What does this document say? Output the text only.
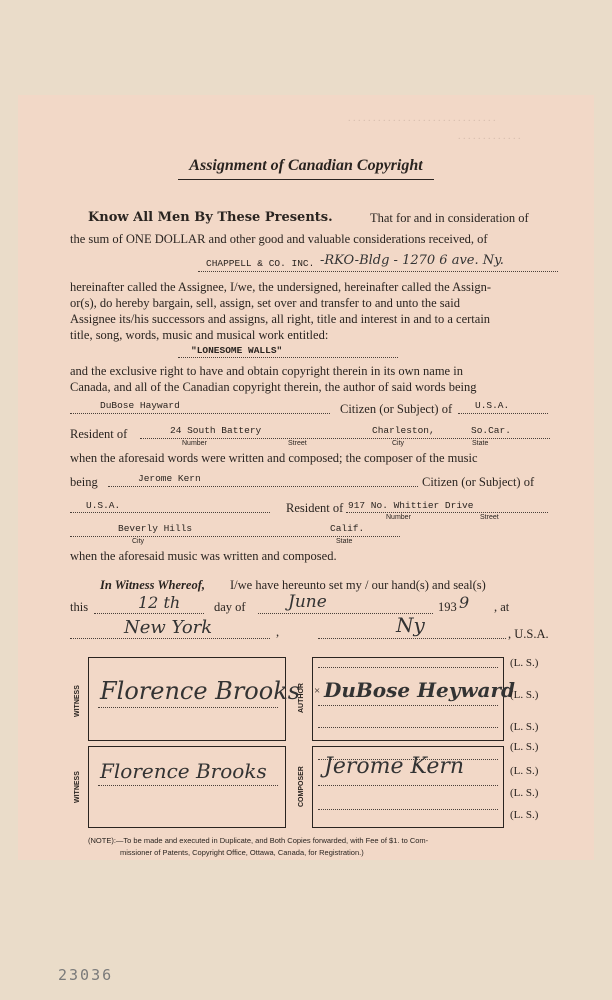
. . . . . . . . . . . . . . . . . . . . . . . . . . . . . .
. . . . . . . . . . . . .
Assignment of Canadian Copyright
Know All Men By These Presents.	That for and in consideration of
the sum of ONE DOLLAR and other good and valuable considerations received, of
CHAPPELL & CO. INC. -RKO-Bldg - 1270 6 ave. Ny.
hereinafter called the Assignee, I/we, the undersigned, hereinafter called the Assign-
or(s), do hereby bargain, sell, assign, set over and transfer to and unto the said
Assignee its/his successors and assigns, all right, title and interest in and to a certain
title, song, words, music and musical work entitled:
"LONESOME WALLS"
and the exclusive right to have and obtain copyright therein in its own name in
Canada, and all of the Canadian copyright therein, the author of said words being
DuBose Hayward	Citizen (or Subject) of U.S.A.
Resident of	24 South Battery	Charleston,	So.Car.
Number	Street	City	State
when the aforesaid words were written and composed; the composer of the music
being	Jerome Kern	Citizen (or Subject) of
U.S.A.	Resident of 917 No. Whittier Drive
Number	Street
Beverly Hills	Calif.
City	State
when the aforesaid music was written and composed.
In Witness Whereof, I/we have hereunto set my / our hand(s) and seal(s)
this	12 th	day of June	193 9 , at
New York	,	Ny	, U.S.A.
WITNESS Florence Brooks
AUTHOR × DuBose Heyward
(L. S.)
(L. S.)
(L. S.)
WITNESS
Florence Brooks	COMPOSER Jerome Kern
(L. S.)
(L. S.)
(L. S.)
(L. S.)
(NOTE):—To be made and executed in Duplicate, and Both Copies forwarded, with Fee of $1. to Com-
missioner of Patents, Copyright Office, Ottawa, Canada, for Registration.)
23036
